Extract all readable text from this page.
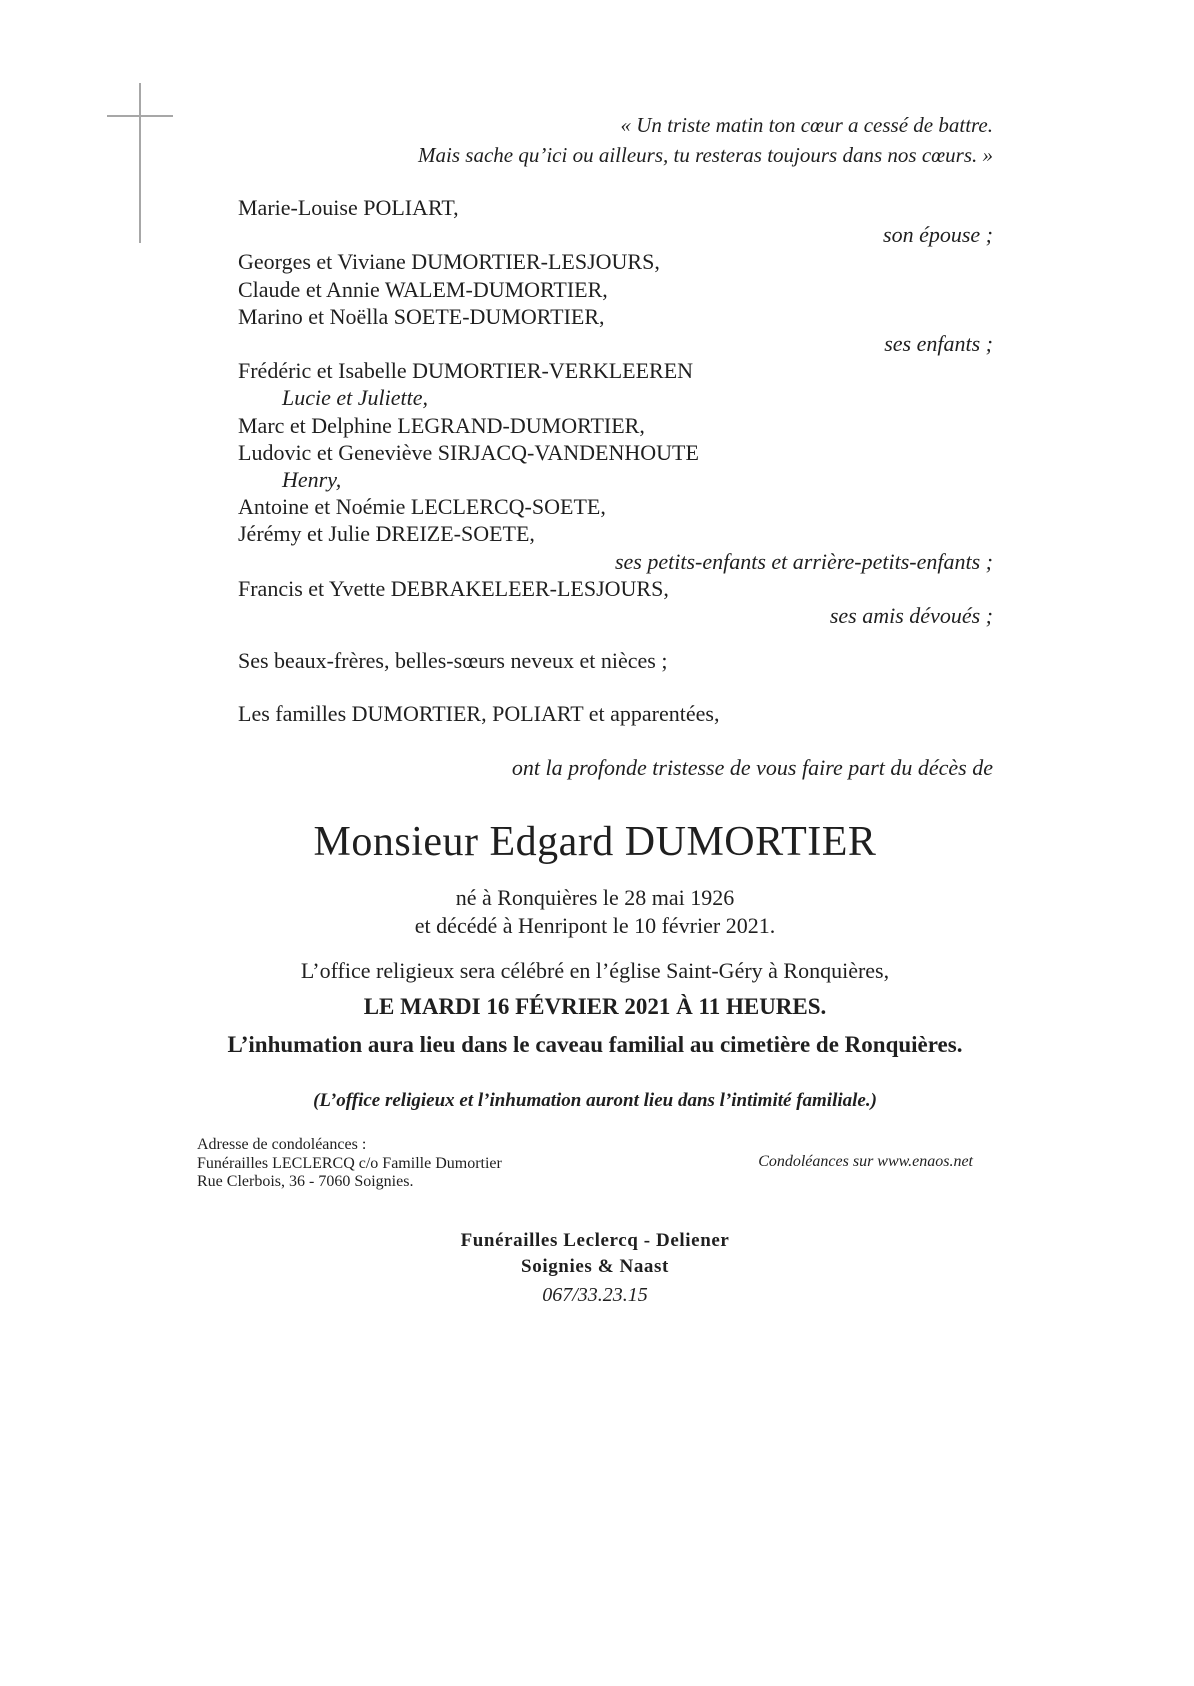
« Un triste matin ton cœur a cessé de battre.
Mais sache qu’ici ou ailleurs, tu resteras toujours dans nos cœurs. »
Marie-Louise POLIART,
son épouse ;
Georges et Viviane DUMORTIER-LESJOURS,
Claude et Annie WALEM-DUMORTIER,
Marino et Noëlla SOETE-DUMORTIER,
ses enfants ;
Frédéric et Isabelle DUMORTIER-VERKLEEREN
Lucie et Juliette,
Marc et Delphine LEGRAND-DUMORTIER,
Ludovic et Geneviève SIRJACQ-VANDENHOUTE
Henry,
Antoine et Noémie LECLERCQ-SOETE,
Jérémy et Julie DREIZE-SOETE,
ses petits-enfants et arrière-petits-enfants ;
Francis et Yvette DEBRAKELEER-LESJOURS,
ses amis dévoués ;
Ses beaux-frères, belles-sœurs neveux et nièces ;
Les familles DUMORTIER, POLIART et apparentées,
ont la profonde tristesse de vous faire part du décès de
Monsieur Edgard DUMORTIER
né à Ronquières le 28 mai 1926
et décédé à Henripont le 10 février 2021.
L’office religieux sera célébré en l’église Saint-Géry à Ronquières,
LE MARDI 16 FÉVRIER 2021 À 11 HEURES.
L’inhumation aura lieu dans le caveau familial au cimetière de Ronquières.
(L’office religieux et l’inhumation auront lieu dans l’intimité familiale.)
Adresse de condoléances :
Funérailles LECLERCQ c/o Famille Dumortier
Rue Clerbois, 36 - 7060 Soignies.
Condoléances sur www.enaos.net
Funérailles Leclercq - Deliener
Soignies & Naast
067/33.23.15
